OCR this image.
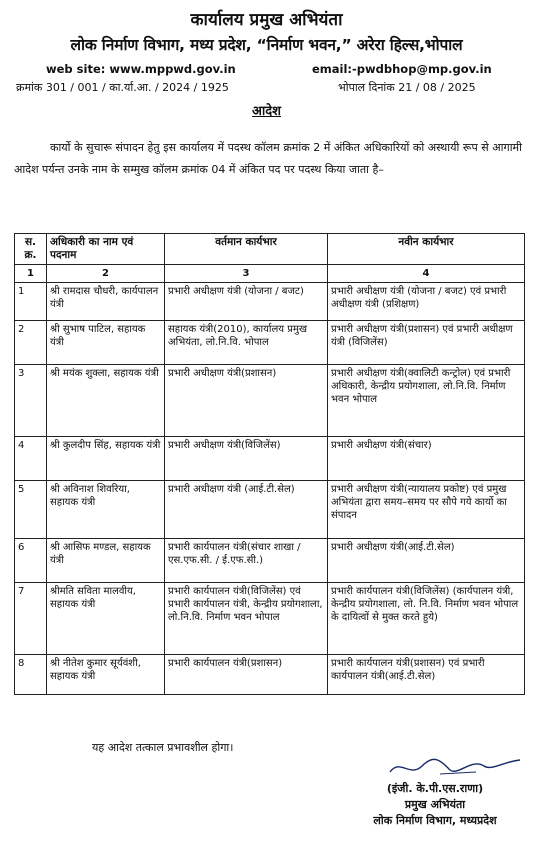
कार्यालय प्रमुख अभियंता
लोक निर्माण विभाग, मध्य प्रदेश, “निर्माण भवन,” अरेरा हिल्स,भोपाल
web site: www.mppwd.gov.in	email:-pwdbhop@mp.gov.in
क्रमांक 301 / 001 / का.र्या.आ. / 2024 / 1925	भोपाल दिनांक 21 / 08 / 2025
आदेश
कार्यो के सुचारू संपादन हेतु इस कार्यालय में पदस्थ कॉलम क्रमांक 2 में अंकित अधिकारियों को अस्थायी रूप से आगामी आदेश पर्यन्त उनके नाम के सम्मुख कॉलम क्रमांक 04 में अंकित पद पर पदस्थ किया जाता है–
स. क्र.	अधिकारी का नाम एवं पदनाम	वर्तमान कार्यभार	नवीन कार्यभार
1	2	3	4
1	श्री रामदास चौधरी, कार्यपालन यंत्री	प्रभारी अधीक्षण यंत्री (योजना / बजट)	प्रभारी अधीक्षण यंत्री (योजना / बजट) एवं प्रभारी अधीक्षण यंत्री (प्रशिक्षण)
2	श्री सुभाष पाटिल, सहायक यंत्री	सहायक यंत्री(2010), कार्यालय प्रमुख अभियंता, लो.नि.वि. भोपाल	प्रभारी अधीक्षण यंत्री(प्रशासन) एवं प्रभारी अधीक्षण यंत्री (विजिलेंस)
3	श्री मयंक शुक्ला, सहायक यंत्री	प्रभारी अधीक्षण यंत्री(प्रशासन)	प्रभारी अधीक्षण यंत्री(क्वालिटी कन्ट्रोल) एवं प्रभारी अधिकारी, केन्द्रीय प्रयोगशाला, लो.नि.वि. निर्माण भवन भोपाल
4	श्री कुलदीप सिंह, सहायक यंत्री	प्रभारी अधीक्षण यंत्री(विजिलेंस)	प्रभारी अधीक्षण यंत्री(संचार)
5	श्री अविनाश शिवरिया, सहायक यंत्री	प्रभारी अधीक्षण यंत्री (आई.टी.सेल)	प्रभारी अधीक्षण यंत्री(न्यायालय प्रकोष्ट) एवं प्रमुख अभियंता द्वारा समय–समय पर सौपे गये कार्यो का संपादन
6	श्री आसिफ मण्डल, सहायक यंत्री	प्रभारी कार्यपालन यंत्री(संचार शाखा / एस.एफ.सी. / ई.एफ.सी.)	प्रभारी अधीक्षण यंत्री(आई.टी.सेल)
7	श्रीमति सविता मालवीय, सहायक यंत्री	प्रभारी कार्यपालन यंत्री(विजिलेंस) एवं प्रभारी कार्यपालन यंत्री, केन्द्रीय प्रयोगशाला, लो.नि.वि. निर्माण भवन भोपाल	प्रभारी कार्यपालन यंत्री(विजिलेंस) (कार्यपालन यंत्री, केन्द्रीय प्रयोगशाला, लो. नि.वि. निर्माण भवन भोपाल के दायित्वों से मुक्त करते हुये)
8	श्री नीतेश कुमार सूर्यवंशी, सहायक यंत्री	प्रभारी कार्यपालन यंत्री(प्रशासन)	प्रभारी कार्यपालन यंत्री(प्रशासन) एवं प्रभारी कार्यपालन यंत्री(आई.टी.सेल)
यह आदेश तत्काल प्रभावशील होगा।
(इंजी. के.पी.एस.राणा)
प्रमुख अभियंता
लोक निर्माण विभाग, मध्यप्रदेश
